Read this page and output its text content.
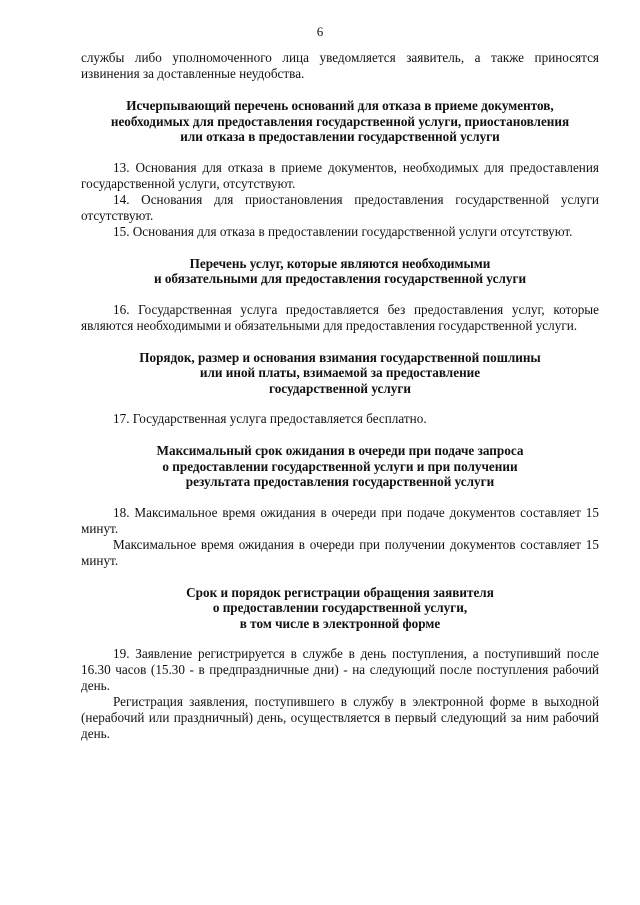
6

службы либо уполномоченного лица уведомляется заявитель, а также приносятся извинения за доставленные неудобства.

Исчерпывающий перечень оснований для отказа в приеме документов,
необходимых для предоставления государственной услуги, приостановления
или отказа в предоставлении государственной услуги

13. Основания для отказа в приеме документов, необходимых для предоставления государственной услуги, отсутствуют.

14. Основания для приостановления предоставления государственной услуги отсутствуют.

15. Основания для отказа в предоставлении государственной услуги отсутствуют.

Перечень услуг, которые являются необходимыми
и обязательными для предоставления государственной услуги

16. Государственная услуга предоставляется без предоставления услуг, которые являются необходимыми и обязательными для предоставления государственной услуги.

Порядок, размер и основания взимания государственной пошлины
или иной платы, взимаемой за предоставление
государственной услуги

17. Государственная услуга предоставляется бесплатно.

Максимальный срок ожидания в очереди при подаче запроса
о предоставлении государственной услуги и при получении
результата предоставления государственной услуги

18. Максимальное время ожидания в очереди при подаче документов составляет 15 минут.

Максимальное время ожидания в очереди при получении документов составляет 15 минут.

Срок и порядок регистрации обращения заявителя
о предоставлении государственной услуги,
в том числе в электронной форме

19. Заявление регистрируется в службе в день поступления, а поступивший после 16.30 часов (15.30 - в предпраздничные дни) - на следующий после поступления рабочий день.

Регистрация заявления, поступившего в службу в электронной форме в выходной (нерабочий или праздничный) день, осуществляется в первый следующий за ним рабочий день.
